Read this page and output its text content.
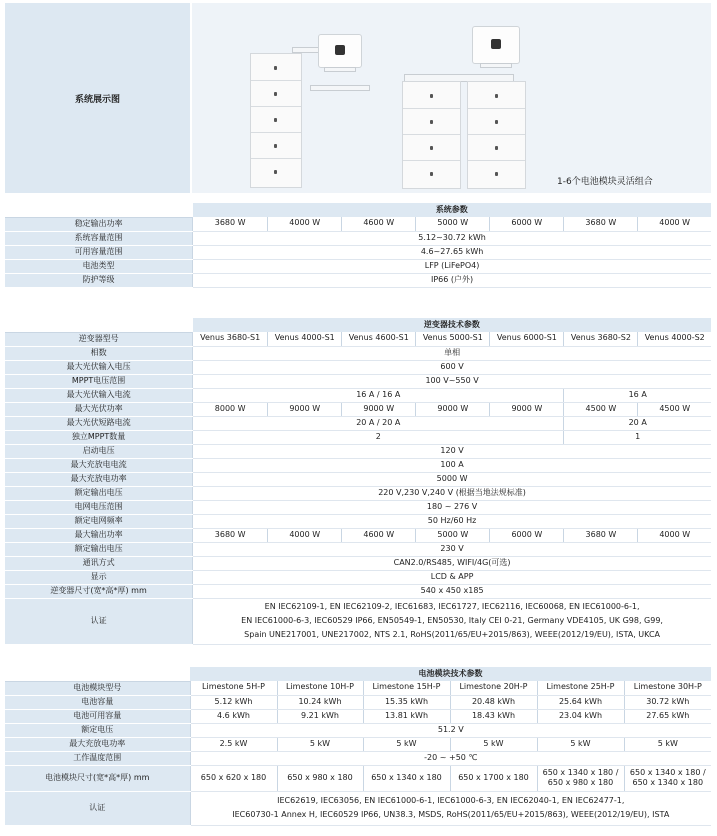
系统展示图
1-6个电池模块灵活组合
	系统参数						
稳定输出功率	3680 W	4000 W	4600 W	5000 W	6000 W	3680 W	4000 W
系统容量范围	5.12~30.72 kWh						
可用容量范围	4.6~27.65 kWh						
电池类型	LFP (LiFePO4)						
防护等级	IP66 (户外)						
	逆变器技术参数						
逆变器型号	Venus 3680-S1	Venus 4000-S1	Venus 4600-S1	Venus 5000-S1	Venus 6000-S1	Venus 3680-S2	Venus 4000-S2
相数	单相						
最大光伏输入电压	600 V						
MPPT电压范围	100 V~550 V						
最大光伏输入电流	16 A / 16 A					16 A	
最大光伏功率	8000 W	9000 W	9000 W	9000 W	9000 W	4500 W	4500 W
最大光伏短路电流	20 A / 20 A					20 A	
独立MPPT数量	2					1	
启动电压	120 V						
最大充放电电流	100 A						
最大充放电功率	5000 W						
额定输出电压	220 V,230 V,240 V (根据当地法规标准)						
电网电压范围	180 ~ 276 V						
额定电网频率	50 Hz/60 Hz						
最大输出功率	3680 W	4000 W	4600 W	5000 W	6000 W	3680 W	4000 W
额定输出电压	230 V						
通讯方式	CAN2.0/RS485, WIFI/4G(可选)						
显示	LCD & APP						
逆变器尺寸(宽*高*厚) mm	540 x 450 x185						
认证	EN IEC62109-1, EN IEC62109-2, IEC61683, IEC61727, IEC62116, IEC60068, EN IEC61000-6-1,
EN IEC61000-6-3, IEC60529 IP66, EN50549-1, EN50530, Italy CEI 0-21, Germany VDE4105, UK G98, G99,
Spain UNE217001, UNE217002, NTS 2.1, RoHS(2011/65/EU+2015/863), WEEE(2012/19/EU), ISTA, UKCA						
	电池模块技术参数					
电池模块型号	Limestone 5H-P	Limestone 10H-P	Limestone 15H-P	Limestone 20H-P	Limestone 25H-P	Limestone 30H-P
电池容量	5.12 kWh	10.24 kWh	15.35 kWh	20.48 kWh	25.64 kWh	30.72 kWh
电池可用容量	4.6 kWh	9.21 kWh	13.81 kWh	18.43 kWh	23.04 kWh	27.65 kWh
额定电压	51.2 V					
最大充放电功率	2.5 kW	5 kW	5 kW	5 kW	5 kW	5 kW
工作温度范围	-20 ~ +50 ℃					
电池模块尺寸(宽*高*厚) mm	650 x 620 x 180	650 x 980 x 180	650 x 1340 x 180	650 x 1700 x 180	650 x 1340 x 180 / 650 x 980 x 180	650 x 1340 x 180 / 650 x 1340 x 180
认证	IEC62619, IEC63056, EN IEC61000-6-1, IEC61000-6-3, EN IEC62040-1, EN IEC62477-1,
IEC60730-1 Annex H, IEC60529 IP66, UN38.3, MSDS, RoHS(2011/65/EU+2015/863), WEEE(2012/19/EU), ISTA					
